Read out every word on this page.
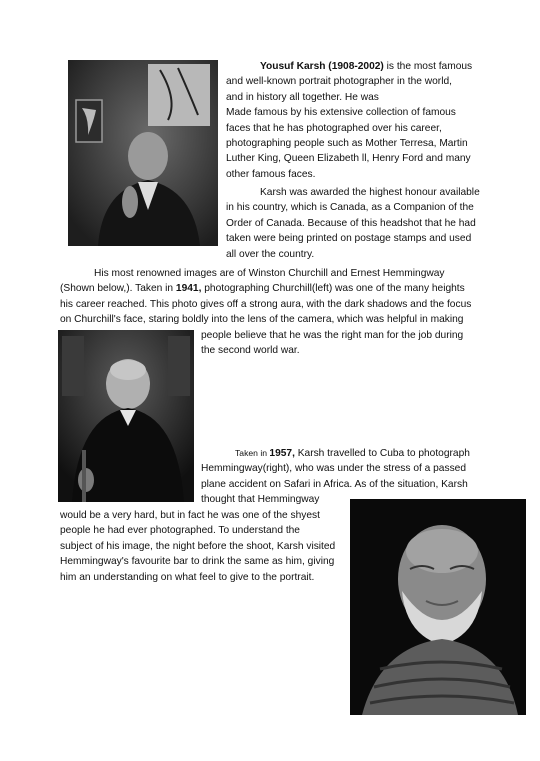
Yousuf Karsh (1908-2002) is the most famous
and well-known portrait photographer in the world,
and in history all together. He was
Made famous by his extensive collection of famous
faces that he has photographed over his career,
photographing people such as Mother Terresa, Martin
Luther King, Queen Elizabeth ll, Henry Ford and many
other famous faces.
Karsh was awarded the highest honour available
in his country, which is Canada, as a Companion of the
Order of Canada. Because of this headshot that he had
taken were being printed on postage stamps and used
all over the country.
His most renowned images are of Winston Churchill and Ernest Hemmingway
(Shown below,). Taken in 1941, photographing Churchill(left) was one of the many heights
his career reached. This photo gives off a strong aura, with the dark shadows and the focus
on Churchill's face, staring boldly into the lens of the camera, which was helpful in making
people believe that he was the right man for the job during
the second world war.
Taken in 1957, Karsh travelled to Cuba to photograph
Hemmingway(right), who was under the stress of a passed
plane accident on Safari in Africa. As of the situation, Karsh
thought that Hemmingway
would be a very hard, but in fact he was one of the shyest
people he had ever photographed. To understand the
subject of his image, the night before the shoot, Karsh visited
Hemmingway's favourite bar to drink the same as him, giving
him an understanding on what feel to give to the portrait.
